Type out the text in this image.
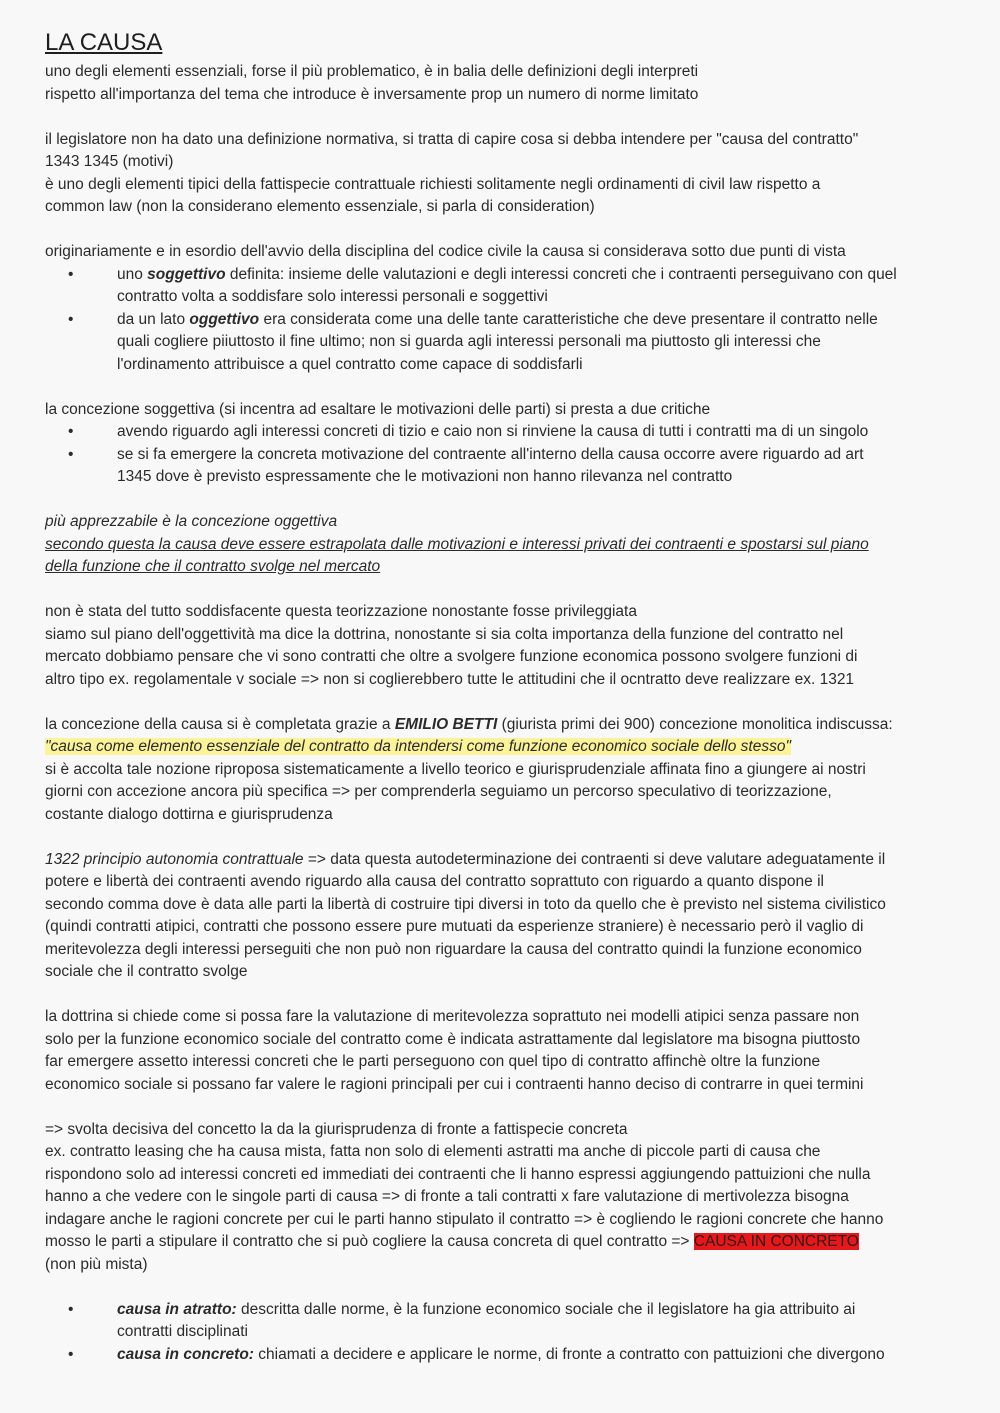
LA CAUSA
uno degli elementi essenziali, forse il più problematico, è in balia delle definizioni degli interpreti
rispetto all'importanza del tema che introduce è inversamente prop un numero di norme limitato
il legislatore non ha dato una definizione normativa, si tratta di capire cosa si debba intendere per "causa del contratto"
1343 1345 (motivi)
è uno degli elementi tipici della fattispecie contrattuale richiesti solitamente negli ordinamenti di civil law rispetto a
common law (non la considerano elemento essenziale, si parla di consideration)
originariamente e in esordio dell'avvio della disciplina del codice civile la causa si considerava sotto due punti di vista
• uno soggettivo definita: insieme delle valutazioni e degli interessi concreti che i contraenti perseguivano con quel
contratto volta a soddisfare solo interessi personali e soggettivi
• da un lato oggettivo era considerata come una delle tante caratteristiche che deve presentare il contratto nelle
quali cogliere piiuttosto il fine ultimo; non si guarda agli interessi personali ma piuttosto gli interessi che
l'ordinamento attribuisce a quel contratto come capace di soddisfarli
la concezione soggettiva (si incentra ad esaltare le motivazioni delle parti) si presta a due critiche
• avendo riguardo agli interessi concreti di tizio e caio non si rinviene la causa di tutti i contratti ma di un singolo
• se si fa emergere la concreta motivazione del contraente all'interno della causa occorre avere riguardo ad art
1345 dove è previsto espressamente che le motivazioni non hanno rilevanza nel contratto
più apprezzabile è la concezione oggettiva
secondo questa la causa deve essere estrapolata dalle motivazioni e interessi privati dei contraenti e spostarsi sul piano
della funzione che il contratto svolge nel mercato
non è stata del tutto soddisfacente questa teorizzazione nonostante fosse privileggiata
siamo sul piano dell'oggettività ma dice la dottrina, nonostante si sia colta importanza della funzione del contratto nel
mercato dobbiamo pensare che vi sono contratti che oltre a svolgere funzione economica possono svolgere funzioni di
altro tipo ex. regolamentale v sociale => non si coglierebbero tutte le attitudini che il ocntratto deve realizzare ex. 1321
la concezione della causa si è completata grazie a EMILIO BETTI (giurista primi dei 900) concezione monolitica indiscussa:
"causa come elemento essenziale del contratto da intendersi come funzione economico sociale dello stesso"
si è accolta tale nozione riproposa sistematicamente a livello teorico e giurisprudenziale affinata fino a giungere ai nostri
giorni con accezione ancora più specifica => per comprenderla seguiamo un percorso speculativo di teorizzazione,
costante dialogo dottirna e giurisprudenza
1322 principio autonomia contrattuale => data questa autodeterminazione dei contraenti si deve valutare adeguatamente il
potere e libertà dei contraenti avendo riguardo alla causa del contratto soprattuto con riguardo a quanto dispone il
secondo comma dove è data alle parti la libertà di costruire tipi diversi in toto da quello che è previsto nel sistema civilistico
(quindi contratti atipici, contratti che possono essere pure mutuati da esperienze straniere) è necessario però il vaglio di
meritevolezza degli interessi perseguiti che non può non riguardare la causa del contratto quindi la funzione economico
sociale che il contratto svolge
la dottrina si chiede come si possa fare la valutazione di meritevolezza soprattuto nei modelli atipici senza passare non
solo per la funzione economico sociale del contratto come è indicata astrattamente dal legislatore ma bisogna piuttosto
far emergere assetto interessi concreti che le parti perseguono con quel tipo di contratto affinchè oltre la funzione
economico sociale si possano far valere le ragioni principali per cui i contraenti hanno deciso di contrarre in quei termini
=> svolta decisiva del concetto la da la giurisprudenza di fronte a fattispecie concreta
ex. contratto leasing che ha causa mista, fatta non solo di elementi astratti ma anche di piccole parti di causa che
rispondono solo ad interessi concreti ed immediati dei contraenti che li hanno espressi aggiungendo pattuizioni che nulla
hanno a che vedere con le singole parti di causa => di fronte a tali contratti x fare valutazione di mertivolezza bisogna
indagare anche le ragioni concrete per cui le parti hanno stipulato il contratto => è cogliendo le ragioni concrete che hanno
mosso le parti a stipulare il contratto che si può cogliere la causa concreta di quel contratto => CAUSA IN CONCRETO
(non più mista)
• causa in atratto: descritta dalle norme, è la funzione economico sociale che il legislatore ha gia attribuito ai
contratti disciplinati
• causa in concreto: chiamati a decidere e applicare le norme, di fronte a contratto con pattuizioni che divergono
